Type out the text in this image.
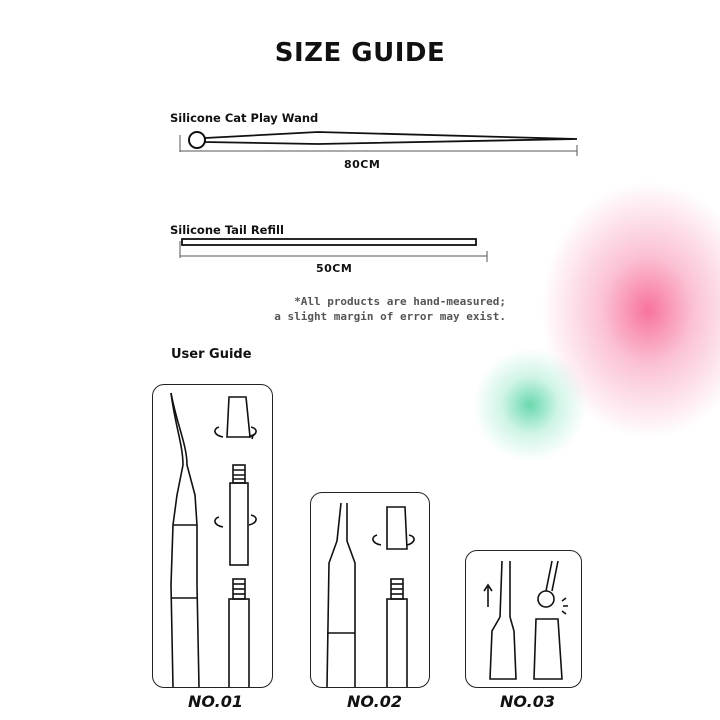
SIZE GUIDE
Silicone Cat Play Wand
Silicone Tail Refill
80CM
50CM
*All products are hand-measured;
a slight margin of error may exist.
User Guide
NO.01	NO.02	NO.03
